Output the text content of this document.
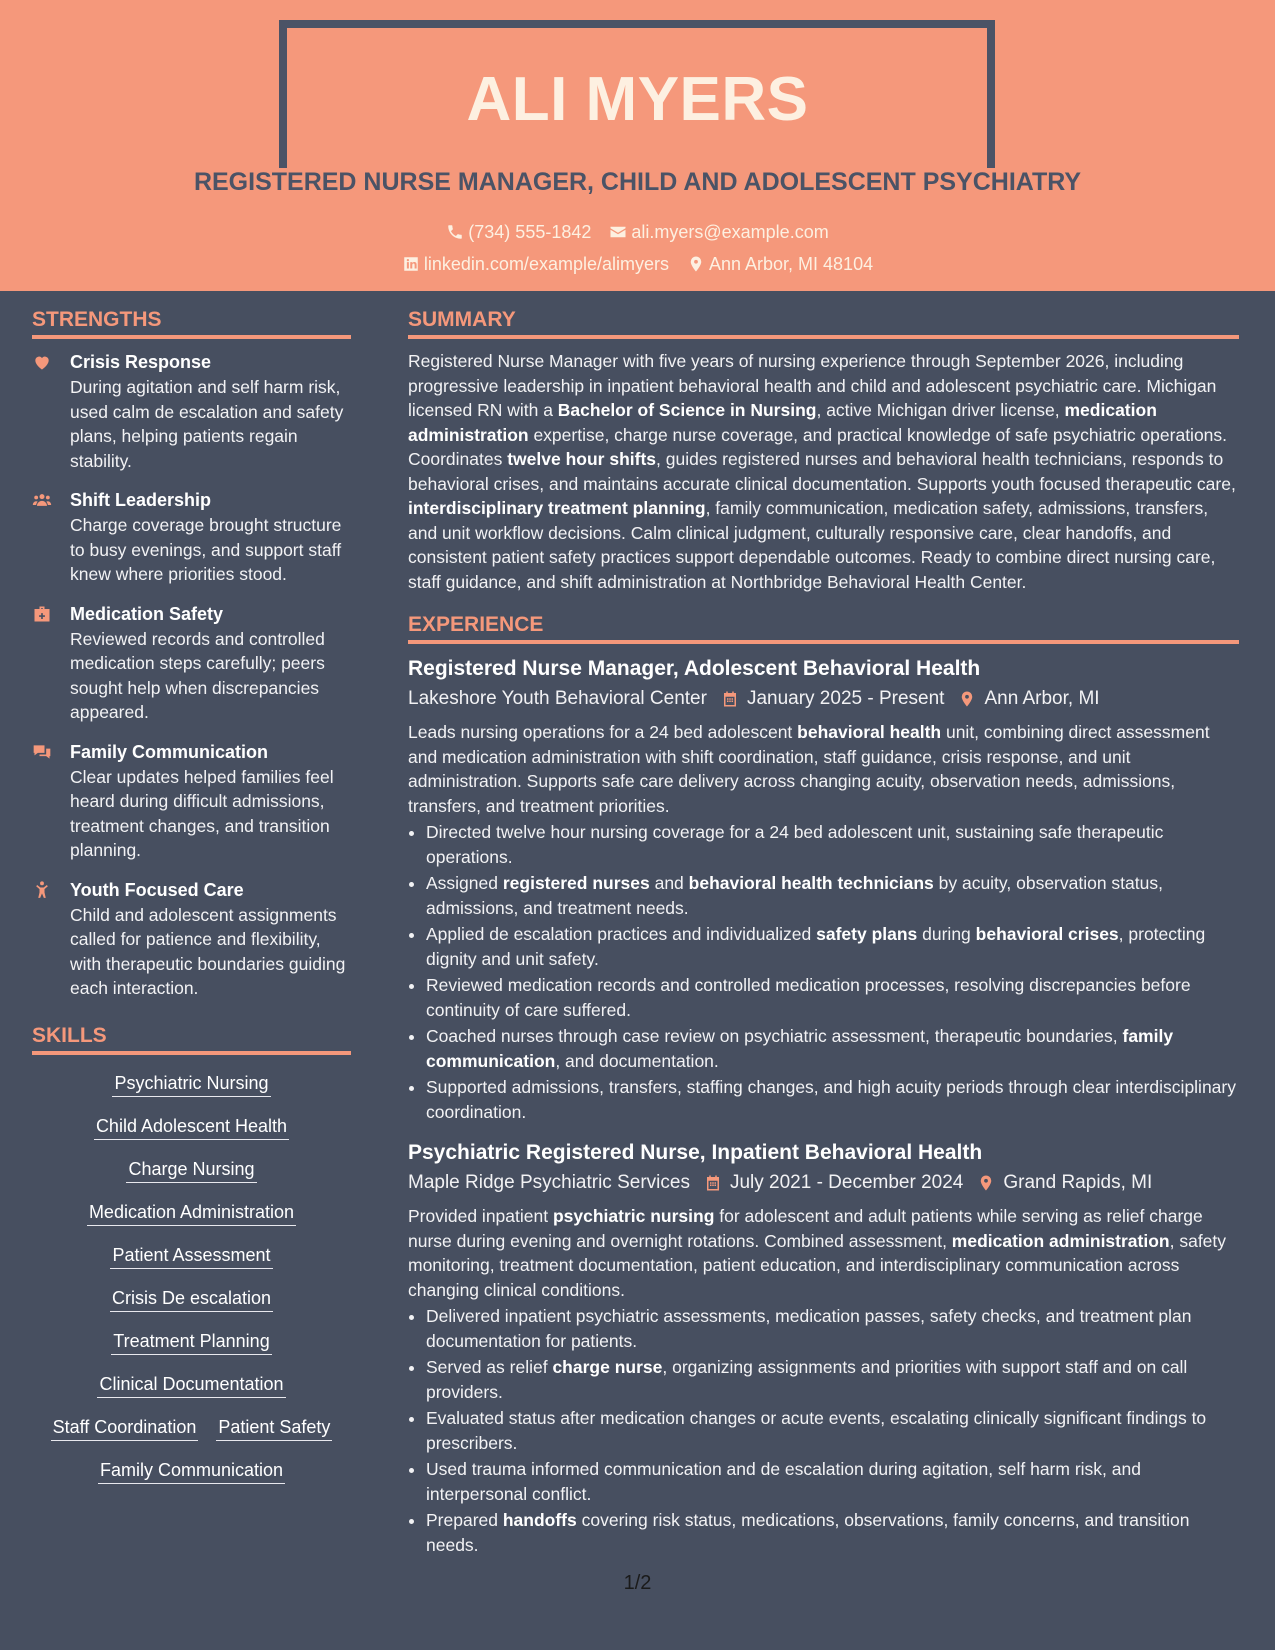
ALI MYERS
REGISTERED NURSE MANAGER, CHILD AND ADOLESCENT PSYCHIATRY
(734) 555-1842 ali.myers@example.com
linkedin.com/example/alimyers Ann Arbor, MI 48104
STRENGTHS
Crisis Response
During agitation and self harm risk, used calm de escalation and safety plans, helping patients regain stability.
Shift Leadership
Charge coverage brought structure to busy evenings, and support staff knew where priorities stood.
Medication Safety
Reviewed records and controlled medication steps carefully; peers sought help when discrepancies appeared.
Family Communication
Clear updates helped families feel heard during difficult admissions, treatment changes, and transition planning.
Youth Focused Care
Child and adolescent assignments called for patience and flexibility, with therapeutic boundaries guiding each interaction.
SKILLS
Psychiatric Nursing
Child Adolescent Health
Charge Nursing
Medication Administration
Patient Assessment
Crisis De escalation
Treatment Planning
Clinical Documentation
Staff Coordination Patient Safety
Family Communication
SUMMARY
Registered Nurse Manager with five years of nursing experience through September 2026, including progressive leadership in inpatient behavioral health and child and adolescent psychiatric care. Michigan licensed RN with a Bachelor of Science in Nursing, active Michigan driver license, medication administration expertise, charge nurse coverage, and practical knowledge of safe psychiatric operations. Coordinates twelve hour shifts, guides registered nurses and behavioral health technicians, responds to behavioral crises, and maintains accurate clinical documentation. Supports youth focused therapeutic care, interdisciplinary treatment planning, family communication, medication safety, admissions, transfers, and unit workflow decisions. Calm clinical judgment, culturally responsive care, clear handoffs, and consistent patient safety practices support dependable outcomes. Ready to combine direct nursing care, staff guidance, and shift administration at Northbridge Behavioral Health Center.
EXPERIENCE
Registered Nurse Manager, Adolescent Behavioral Health
Lakeshore Youth Behavioral Center January 2025 - Present Ann Arbor, MI
Leads nursing operations for a 24 bed adolescent behavioral health unit, combining direct assessment and medication administration with shift coordination, staff guidance, crisis response, and unit administration. Supports safe care delivery across changing acuity, observation needs, admissions, transfers, and treatment priorities.
• Directed twelve hour nursing coverage for a 24 bed adolescent unit, sustaining safe therapeutic operations.
• Assigned registered nurses and behavioral health technicians by acuity, observation status, admissions, and treatment needs.
• Applied de escalation practices and individualized safety plans during behavioral crises, protecting dignity and unit safety.
• Reviewed medication records and controlled medication processes, resolving discrepancies before continuity of care suffered.
• Coached nurses through case review on psychiatric assessment, therapeutic boundaries, family communication, and documentation.
• Supported admissions, transfers, staffing changes, and high acuity periods through clear interdisciplinary coordination.
Psychiatric Registered Nurse, Inpatient Behavioral Health
Maple Ridge Psychiatric Services July 2021 - December 2024 Grand Rapids, MI
Provided inpatient psychiatric nursing for adolescent and adult patients while serving as relief charge nurse during evening and overnight rotations. Combined assessment, medication administration, safety monitoring, treatment documentation, patient education, and interdisciplinary communication across changing clinical conditions.
• Delivered inpatient psychiatric assessments, medication passes, safety checks, and treatment plan documentation for patients.
• Served as relief charge nurse, organizing assignments and priorities with support staff and on call providers.
• Evaluated status after medication changes or acute events, escalating clinically significant findings to prescribers.
• Used trauma informed communication and de escalation during agitation, self harm risk, and interpersonal conflict.
• Prepared handoffs covering risk status, medications, observations, family concerns, and transition needs.
1/2
